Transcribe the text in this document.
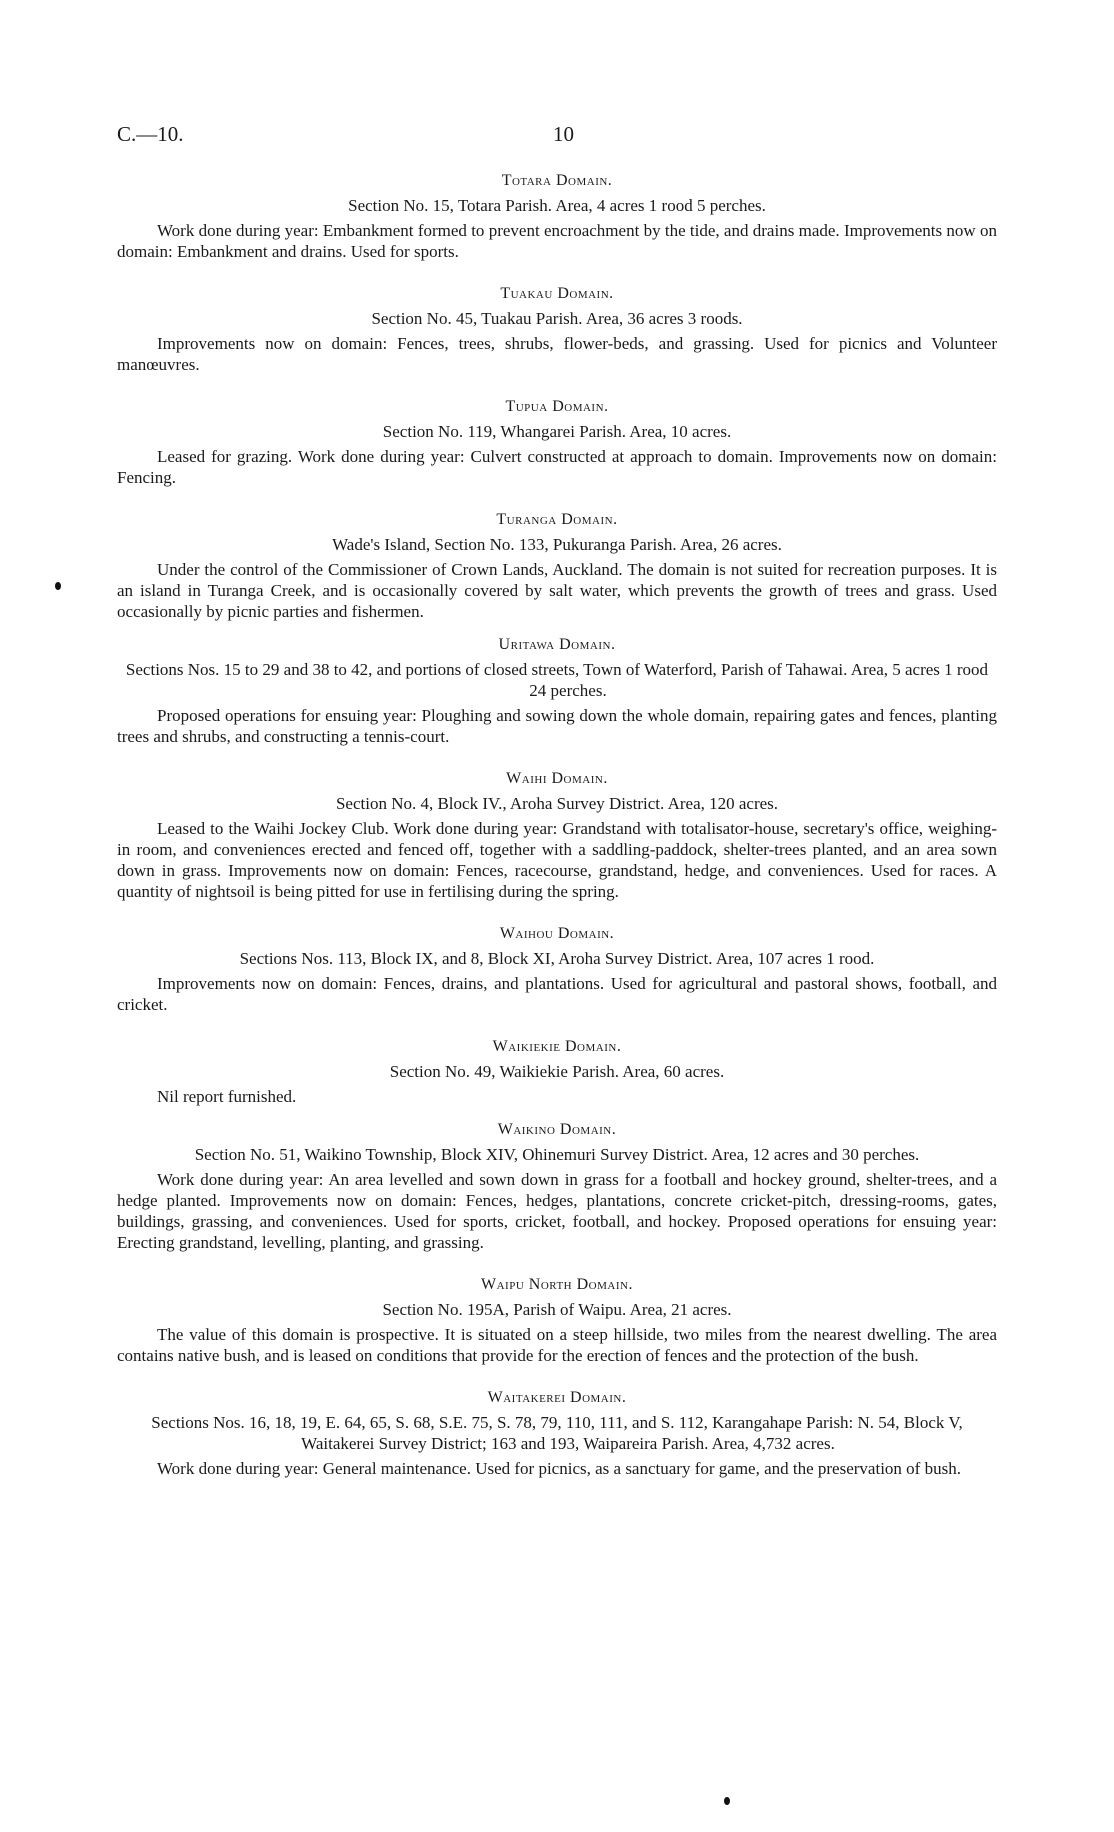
C.—10.	10
Totara Domain.
Section No. 15, Totara Parish. Area, 4 acres 1 rood 5 perches.

Work done during year: Embankment formed to prevent encroachment by the tide, and drains made. Improvements now on domain: Embankment and drains. Used for sports.

Tuakau Domain.
Section No. 45, Tuakau Parish. Area, 36 acres 3 roods.

Improvements now on domain: Fences, trees, shrubs, flower-beds, and grassing. Used for picnics and Volunteer manœuvres.

Tupua Domain.
Section No. 119, Whangarei Parish. Area, 10 acres.

Leased for grazing. Work done during year: Culvert constructed at approach to domain. Improvements now on domain: Fencing.

Turanga Domain.
Wade's Island, Section No. 133, Pukuranga Parish. Area, 26 acres.

Under the control of the Commissioner of Crown Lands, Auckland. The domain is not suited for recreation purposes. It is an island in Turanga Creek, and is occasionally covered by salt water, which prevents the growth of trees and grass. Used occasionally by picnic parties and fishermen.

Uritawa Domain.
Sections Nos. 15 to 29 and 38 to 42, and portions of closed streets, Town of Waterford, Parish of Tahawai. Area, 5 acres 1 rood 24 perches.

Proposed operations for ensuing year: Ploughing and sowing down the whole domain, repairing gates and fences, planting trees and shrubs, and constructing a tennis-court.

Waihi Domain.
Section No. 4, Block IV., Aroha Survey District. Area, 120 acres.

Leased to the Waihi Jockey Club. Work done during year: Grandstand with totalisator-house, secretary's office, weighing-in room, and conveniences erected and fenced off, together with a saddling-paddock, shelter-trees planted, and an area sown down in grass. Improvements now on domain: Fences, racecourse, grandstand, hedge, and conveniences. Used for races. A quantity of nightsoil is being pitted for use in fertilising during the spring.

Waihou Domain.
Sections Nos. 113, Block IX, and 8, Block XI, Aroha Survey District. Area, 107 acres 1 rood.

Improvements now on domain: Fences, drains, and plantations. Used for agricultural and pastoral shows, football, and cricket.

Waikiekie Domain.
Section No. 49, Waikiekie Parish. Area, 60 acres.

Nil report furnished.

Waikino Domain.
Section No. 51, Waikino Township, Block XIV, Ohinemuri Survey District. Area, 12 acres and 30 perches.

Work done during year: An area levelled and sown down in grass for a football and hockey ground, shelter-trees, and a hedge planted. Improvements now on domain: Fences, hedges, plantations, concrete cricket-pitch, dressing-rooms, gates, buildings, grassing, and conveniences. Used for sports, cricket, football, and hockey. Proposed operations for ensuing year: Erecting grandstand, levelling, planting, and grassing.

Waipu North Domain.
Section No. 195A, Parish of Waipu. Area, 21 acres.

The value of this domain is prospective. It is situated on a steep hillside, two miles from the nearest dwelling. The area contains native bush, and is leased on conditions that provide for the erection of fences and the protection of the bush.

Waitakerei Domain.
Sections Nos. 16, 18, 19, E. 64, 65, S. 68, S.E. 75, S. 78, 79, 110, 111, and S. 112, Karangahape Parish: N. 54, Block V, Waitakerei Survey District; 163 and 193, Waipareira Parish. Area, 4,732 acres.

Work done during year: General maintenance. Used for picnics, as a sanctuary for game, and the preservation of bush.
